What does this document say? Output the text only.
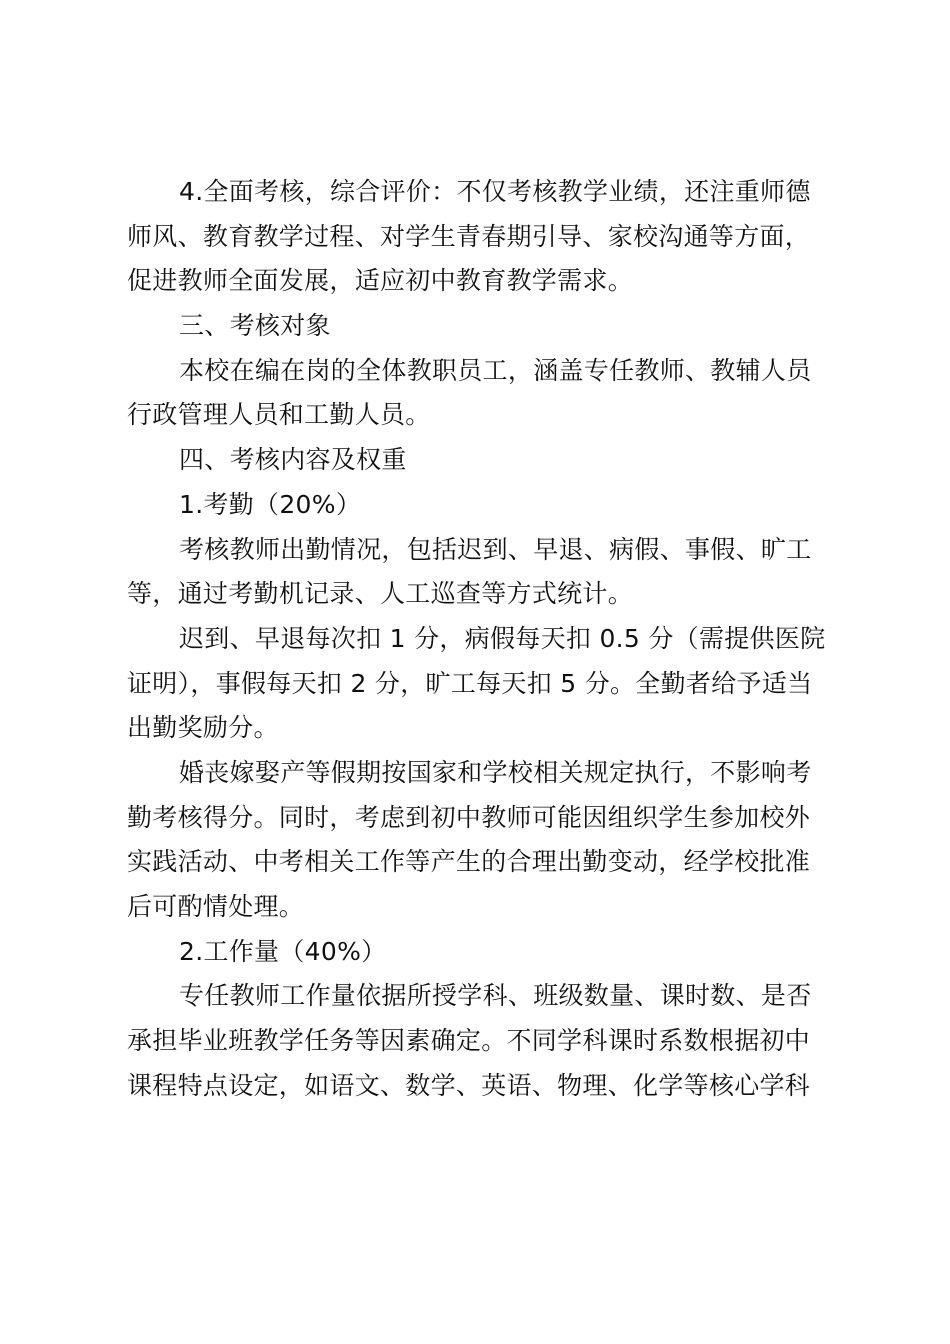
4.全面考核，综合评价：不仅考核教学业绩，还注重师德
师风、教育教学过程、对学生青春期引导、家校沟通等方面，
促进教师全面发展，适应初中教育教学需求。
三、考核对象
本校在编在岗的全体教职员工，涵盖专任教师、教辅人员
行政管理人员和工勤人员。
四、考核内容及权重
1.考勤（20%）
考核教师出勤情况，包括迟到、早退、病假、事假、旷工
等，通过考勤机记录、人工巡查等方式统计。
迟到、早退每次扣 1 分，病假每天扣 0.5 分（需提供医院
证明），事假每天扣 2 分，旷工每天扣 5 分。全勤者给予适当
出勤奖励分。
婚丧嫁娶产等假期按国家和学校相关规定执行，不影响考
勤考核得分。同时，考虑到初中教师可能因组织学生参加校外
实践活动、中考相关工作等产生的合理出勤变动，经学校批准
后可酌情处理。
2.工作量（40%）
专任教师工作量依据所授学科、班级数量、课时数、是否
承担毕业班教学任务等因素确定。不同学科课时系数根据初中
课程特点设定，如语文、数学、英语、物理、化学等核心学科
